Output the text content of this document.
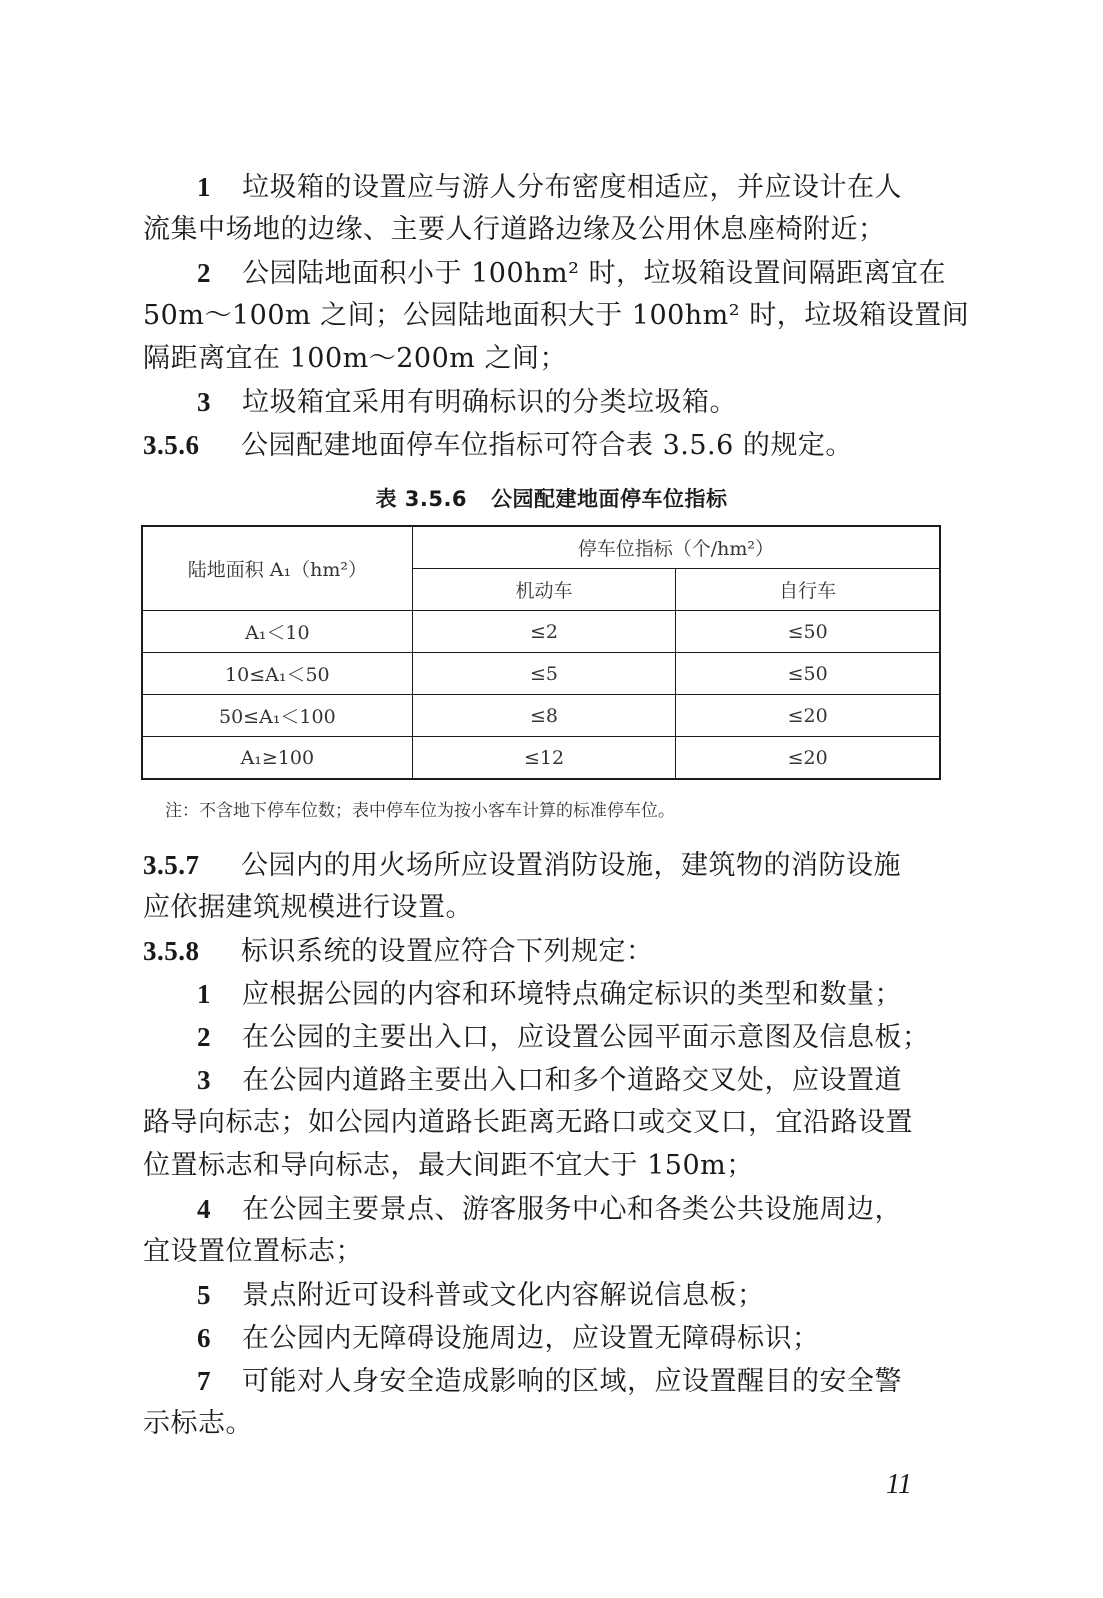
1 垃圾箱的设置应与游人分布密度相适应，并应设计在人
流集中场地的边缘、主要人行道路边缘及公用休息座椅附近；
2 公园陆地面积小于 100hm² 时，垃圾箱设置间隔距离宜在
50m～100m 之间；公园陆地面积大于 100hm² 时，垃圾箱设置间
隔距离宜在 100m～200m 之间；
3 垃圾箱宜采用有明确标识的分类垃圾箱。
3.5.6 公园配建地面停车位指标可符合表 3.5.6 的规定。
表 3.5.6 公园配建地面停车位指标
陆地面积 A₁（hm²）	停车位指标（个/hm²）	
	机动车	自行车
A₁＜10	≤2	≤50
10≤A₁＜50	≤5	≤50
50≤A₁＜100	≤8	≤20
A₁≥100	≤12	≤20
注：不含地下停车位数；表中停车位为按小客车计算的标准停车位。
3.5.7 公园内的用火场所应设置消防设施，建筑物的消防设施
应依据建筑规模进行设置。
3.5.8 标识系统的设置应符合下列规定：
1 应根据公园的内容和环境特点确定标识的类型和数量；
2 在公园的主要出入口，应设置公园平面示意图及信息板；
3 在公园内道路主要出入口和多个道路交叉处，应设置道
路导向标志；如公园内道路长距离无路口或交叉口，宜沿路设置
位置标志和导向标志，最大间距不宜大于 150m；
4 在公园主要景点、游客服务中心和各类公共设施周边，
宜设置位置标志；
5 景点附近可设科普或文化内容解说信息板；
6 在公园内无障碍设施周边，应设置无障碍标识；
7 可能对人身安全造成影响的区域，应设置醒目的安全警
示标志。
11
